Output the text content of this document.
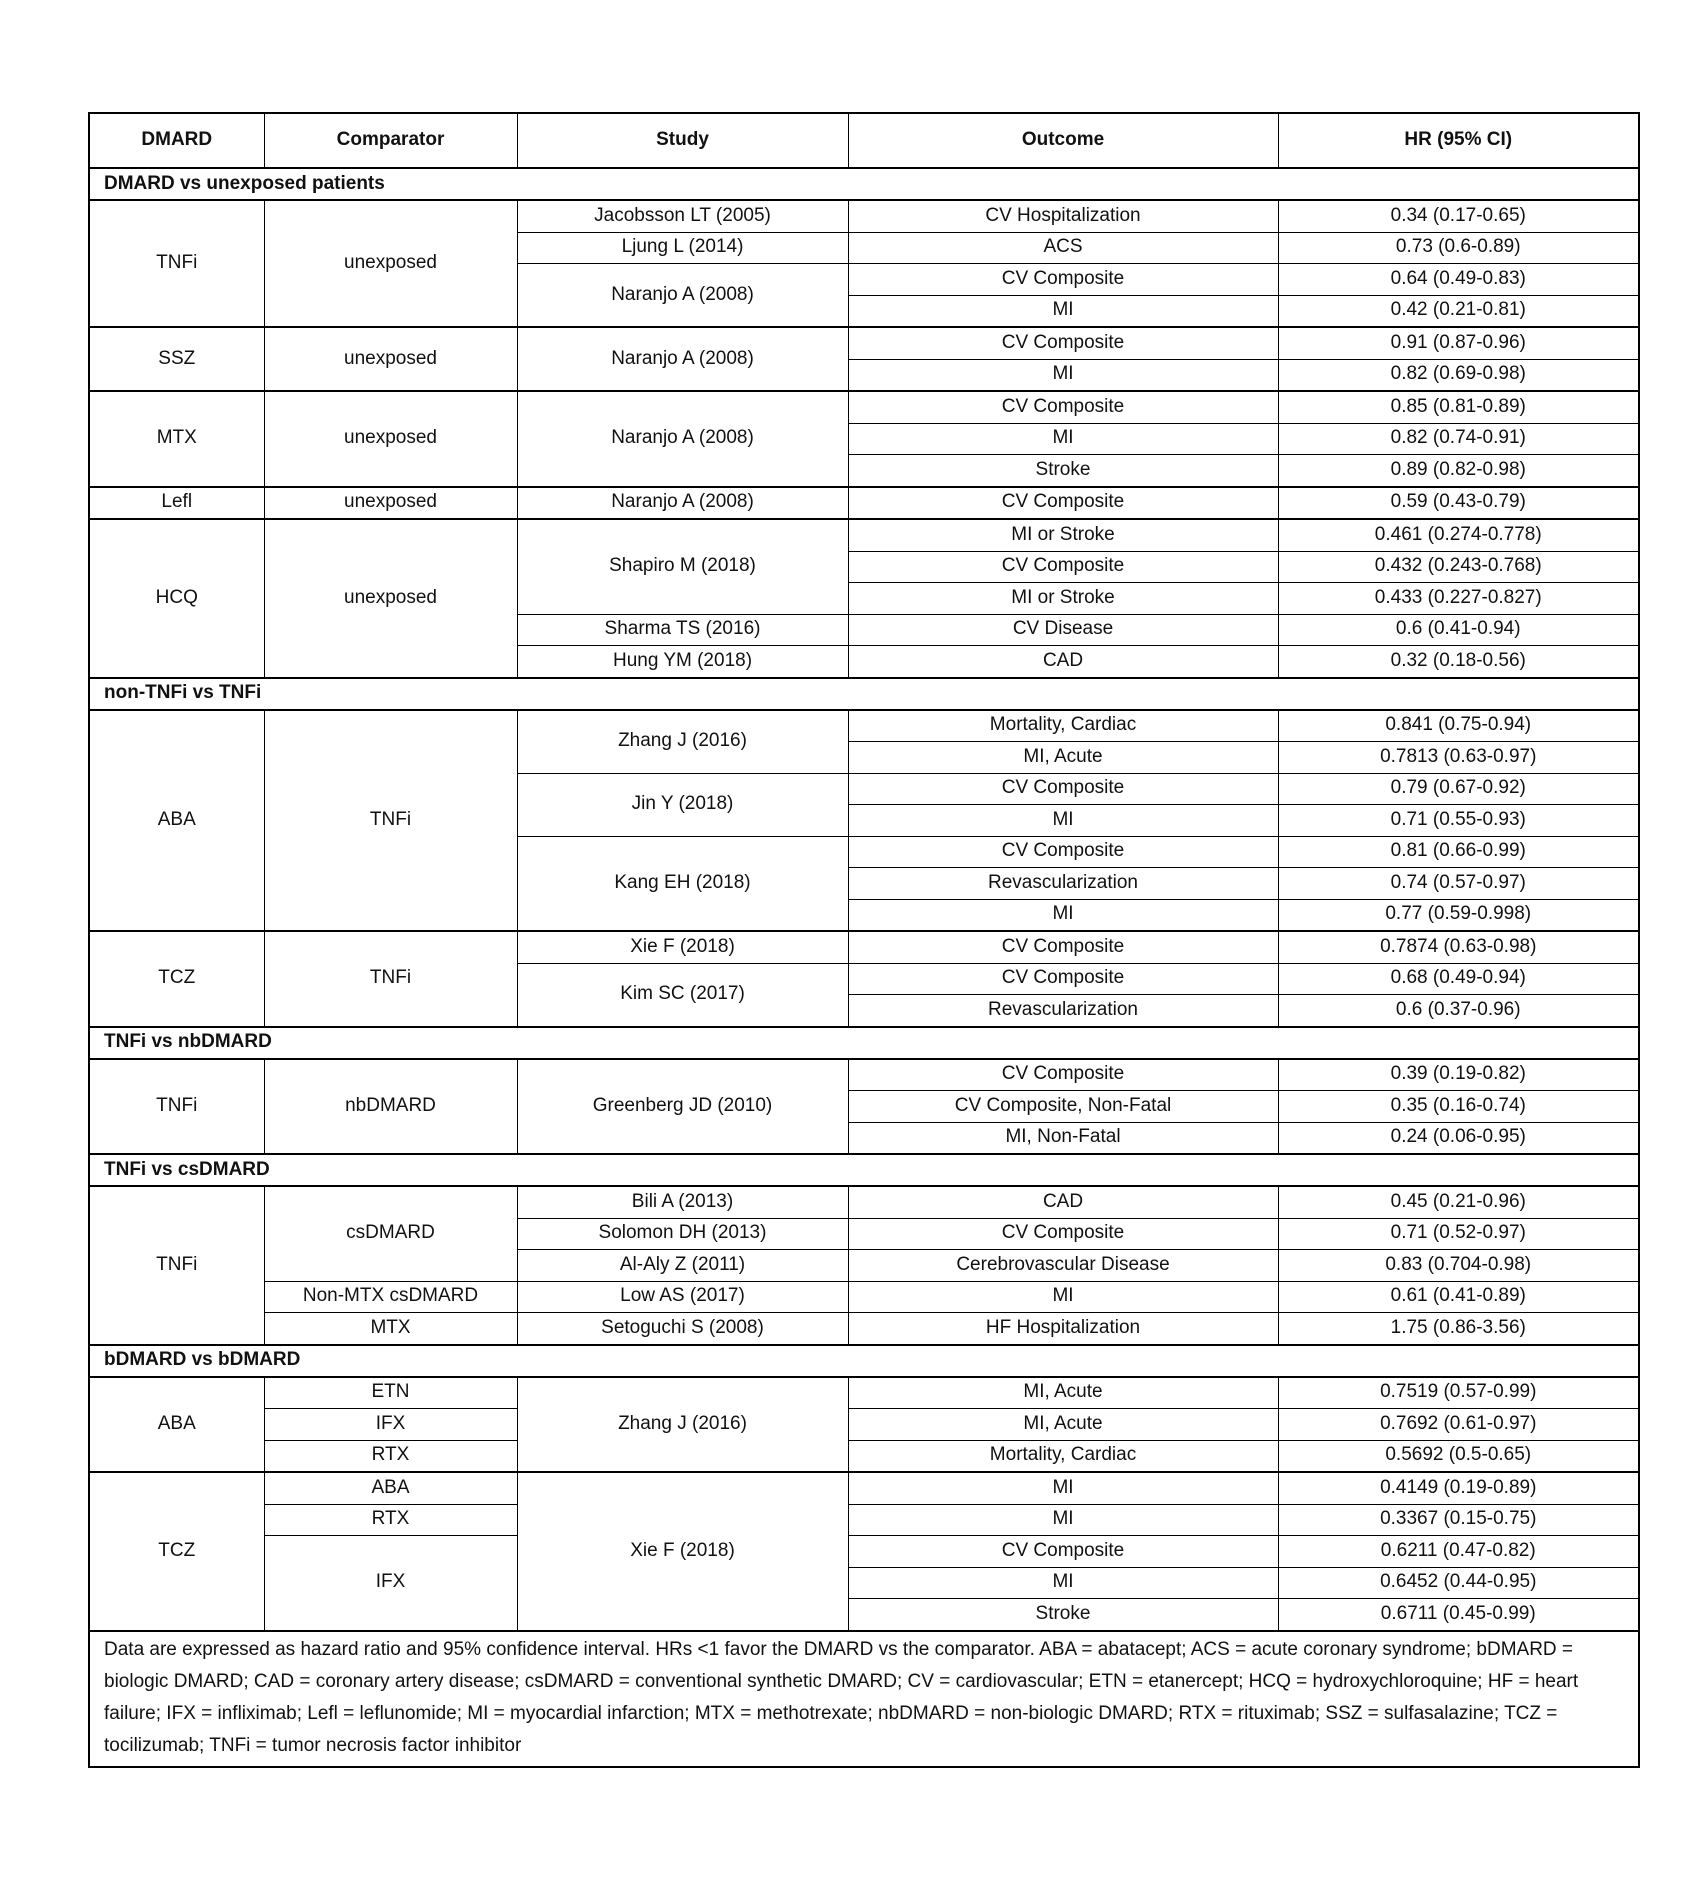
DMARD	Comparator	Study	Outcome	HR (95% CI)
DMARD vs unexposed patients				
TNFi	unexposed	Jacobsson LT (2005)	CV Hospitalization	0.34 (0.17-0.65)
		Ljung L (2014)	ACS	0.73 (0.6-0.89)
		Naranjo A (2008)	CV Composite	0.64 (0.49-0.83)
			MI	0.42 (0.21-0.81)
SSZ	unexposed	Naranjo A (2008)	CV Composite	0.91 (0.87-0.96)
			MI	0.82 (0.69-0.98)
MTX	unexposed	Naranjo A (2008)	CV Composite	0.85 (0.81-0.89)
			MI	0.82 (0.74-0.91)
			Stroke	0.89 (0.82-0.98)
Lefl	unexposed	Naranjo A (2008)	CV Composite	0.59 (0.43-0.79)
HCQ	unexposed	Shapiro M (2018)	MI or Stroke	0.461 (0.274-0.778)
			CV Composite	0.432 (0.243-0.768)
			MI or Stroke	0.433 (0.227-0.827)
		Sharma TS (2016)	CV Disease	0.6 (0.41-0.94)
		Hung YM (2018)	CAD	0.32 (0.18-0.56)
non-TNFi vs TNFi				
ABA	TNFi	Zhang J (2016)	Mortality, Cardiac	0.841 (0.75-0.94)
			MI, Acute	0.7813 (0.63-0.97)
		Jin Y (2018)	CV Composite	0.79 (0.67-0.92)
			MI	0.71 (0.55-0.93)
		Kang EH (2018)	CV Composite	0.81 (0.66-0.99)
			Revascularization	0.74 (0.57-0.97)
			MI	0.77 (0.59-0.998)
TCZ	TNFi	Xie F (2018)	CV Composite	0.7874 (0.63-0.98)
		Kim SC (2017)	CV Composite	0.68 (0.49-0.94)
			Revascularization	0.6 (0.37-0.96)
TNFi vs nbDMARD				
TNFi	nbDMARD	Greenberg JD (2010)	CV Composite	0.39 (0.19-0.82)
			CV Composite, Non-Fatal	0.35 (0.16-0.74)
			MI, Non-Fatal	0.24 (0.06-0.95)
TNFi vs csDMARD				
TNFi	csDMARD	Bili A (2013)	CAD	0.45 (0.21-0.96)
		Solomon DH (2013)	CV Composite	0.71 (0.52-0.97)
		Al-Aly Z (2011)	Cerebrovascular Disease	0.83 (0.704-0.98)
	Non-MTX csDMARD	Low AS (2017)	MI	0.61 (0.41-0.89)
	MTX	Setoguchi S (2008)	HF Hospitalization	1.75 (0.86-3.56)
bDMARD vs bDMARD				
ABA	ETN	Zhang J (2016)	MI, Acute	0.7519 (0.57-0.99)
	IFX		MI, Acute	0.7692 (0.61-0.97)
	RTX		Mortality, Cardiac	0.5692 (0.5-0.65)
TCZ	ABA	Xie F (2018)	MI	0.4149 (0.19-0.89)
	RTX		MI	0.3367 (0.15-0.75)
	IFX		CV Composite	0.6211 (0.47-0.82)
			MI	0.6452 (0.44-0.95)
			Stroke	0.6711 (0.45-0.99)
Data are expressed as hazard ratio and 95% confidence interval. HRs <1 favor the DMARD vs the comparator. ABA = abatacept; ACS = acute coronary syndrome; bDMARD = biologic DMARD; CAD = coronary artery disease; csDMARD = conventional synthetic DMARD; CV = cardiovascular; ETN = etanercept; HCQ = hydroxychloroquine; HF = heart failure; IFX = infliximab; Lefl = leflunomide; MI = myocardial infarction; MTX = methotrexate; nbDMARD = non-biologic DMARD; RTX = rituximab; SSZ = sulfasalazine; TCZ = tocilizumab; TNFi = tumor necrosis factor inhibitor				
